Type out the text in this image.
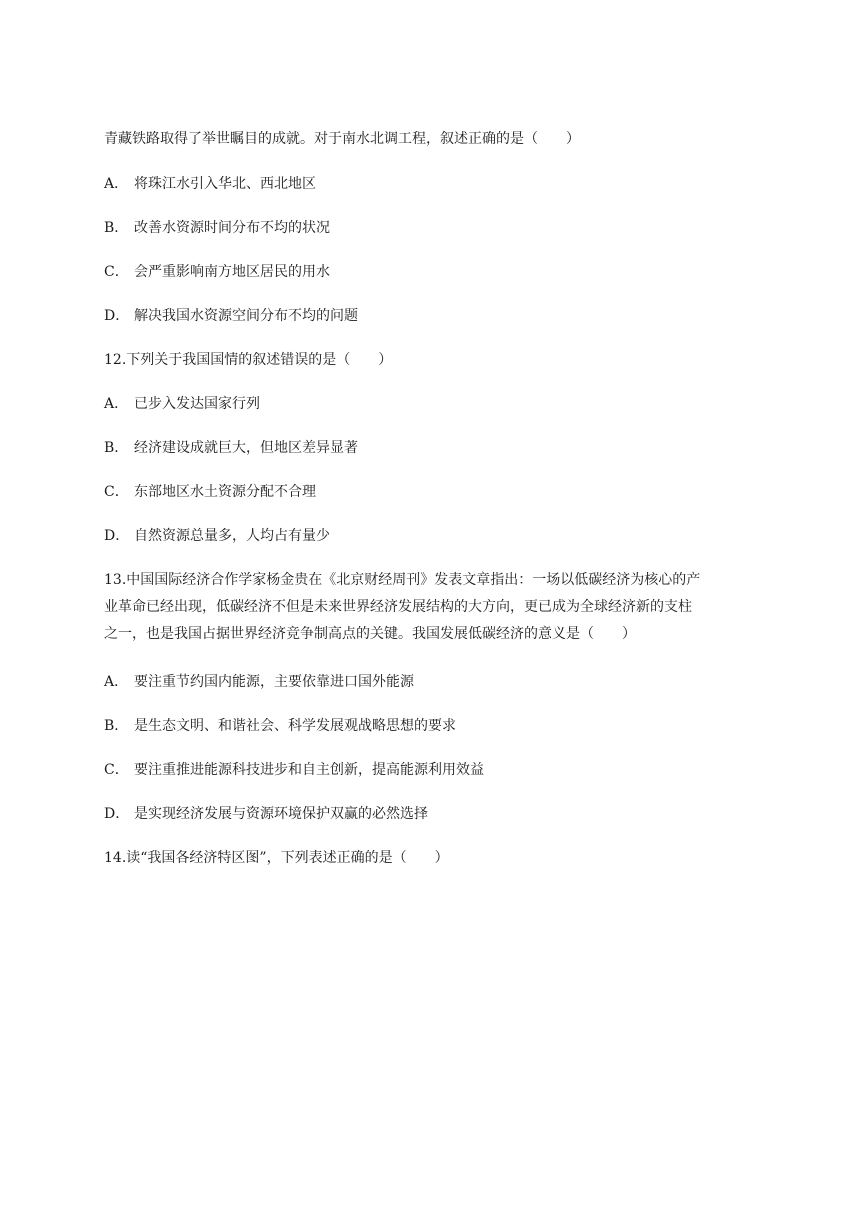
青藏铁路取得了举世瞩目的成就。对于南水北调工程，叙述正确的是（　　）
A． 将珠江水引入华北、西北地区
B． 改善水资源时间分布不均的状况
C． 会严重影响南方地区居民的用水
D． 解决我国水资源空间分布不均的问题
12.下列关于我国国情的叙述错误的是（　　）
A． 已步入发达国家行列
B． 经济建设成就巨大，但地区差异显著
C． 东部地区水土资源分配不合理
D． 自然资源总量多，人均占有量少
13.中国国际经济合作学家杨金贵在《北京财经周刊》发表文章指出：一场以低碳经济为核心的产
业革命已经出现，低碳经济不但是未来世界经济发展结构的大方向，更已成为全球经济新的支柱
之一，也是我国占据世界经济竞争制高点的关键。我国发展低碳经济的意义是（　　）
A． 要注重节约国内能源，主要依靠进口国外能源
B． 是生态文明、和谐社会、科学发展观战略思想的要求
C． 要注重推进能源科技进步和自主创新，提高能源利用效益
D． 是实现经济发展与资源环境保护双赢的必然选择
14.读“我国各经济特区图”，下列表述正确的是（　　）
